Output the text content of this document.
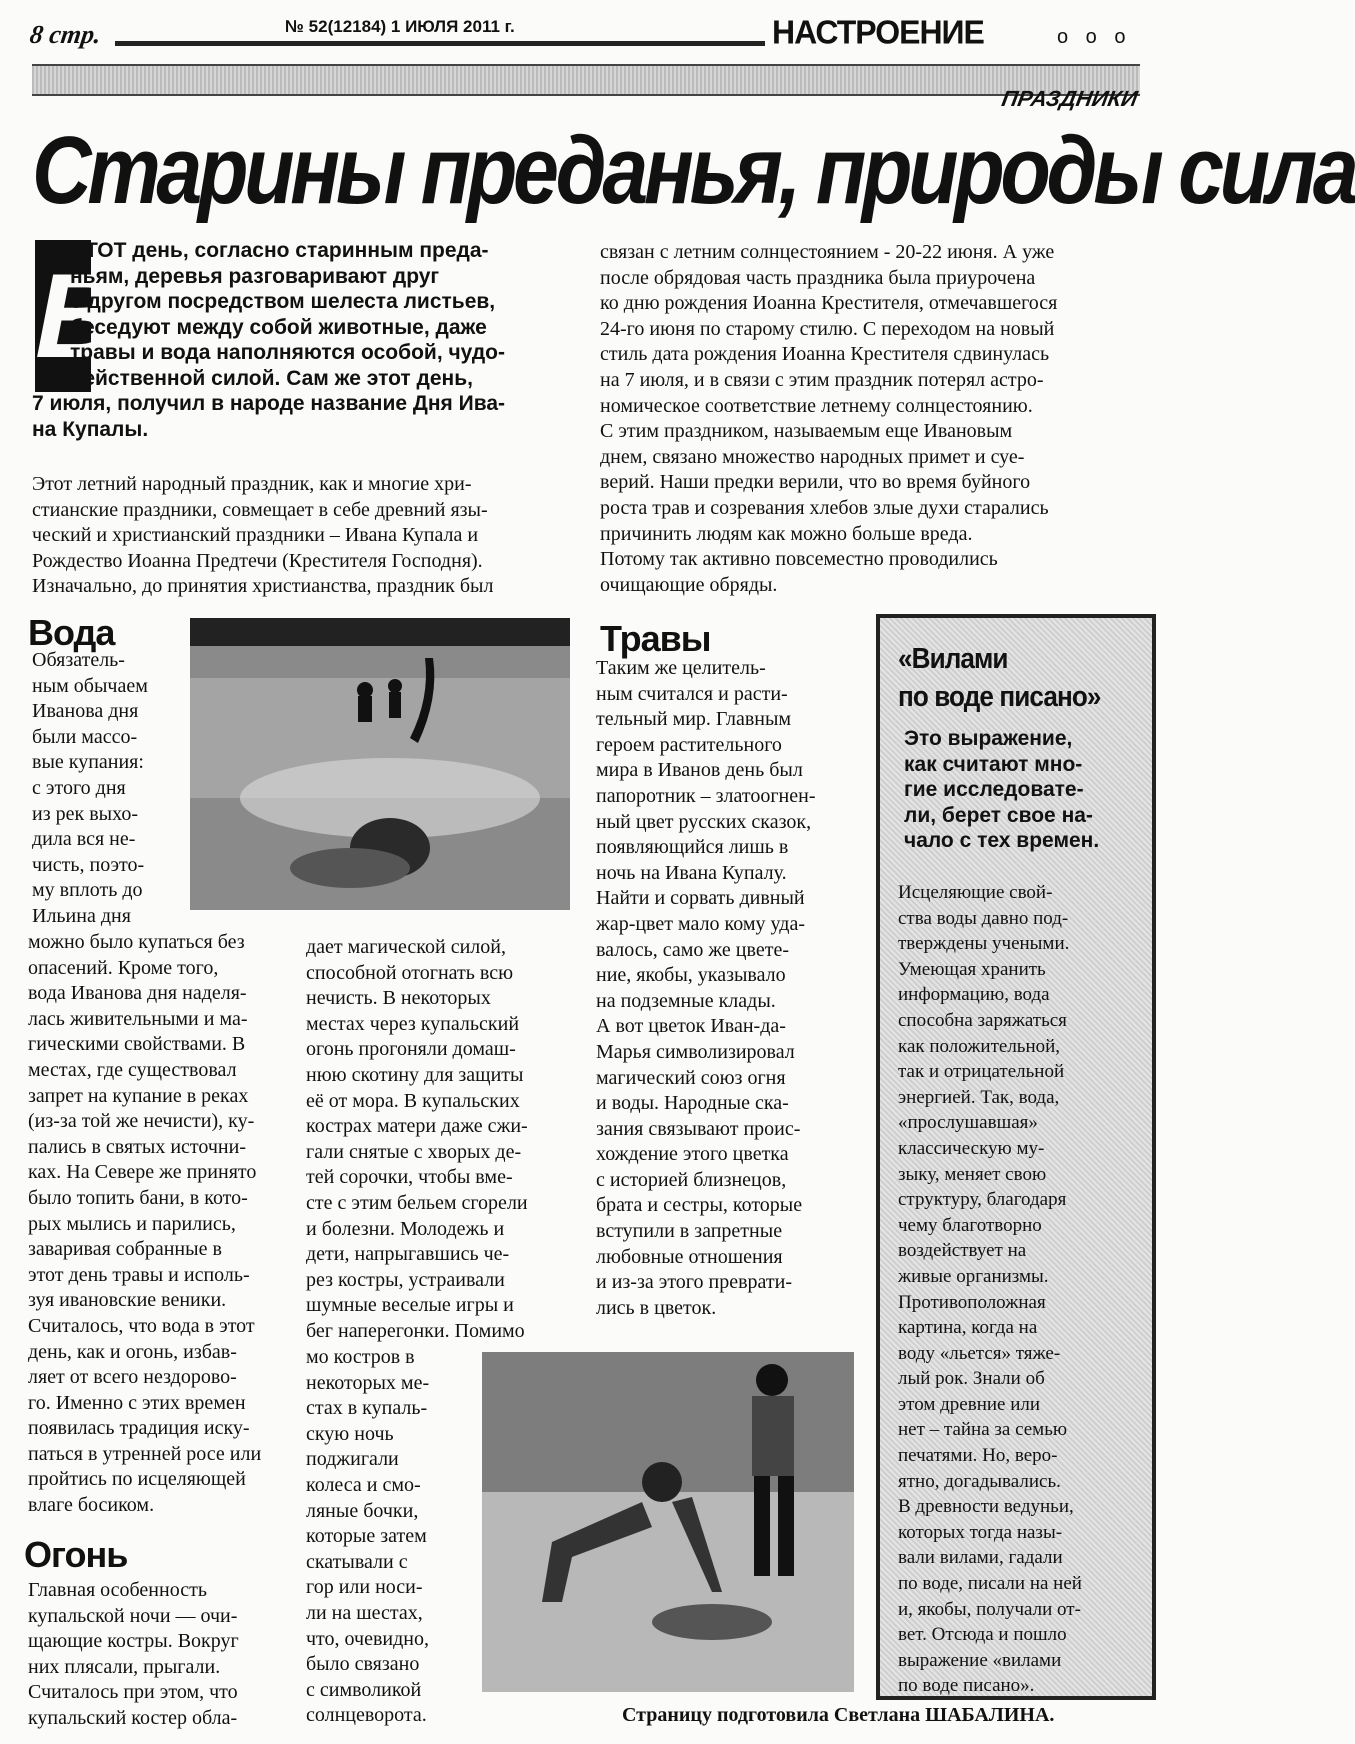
8 стр.	№ 52(12184) 1 ИЮЛЯ 2011 г.	НАСТРОЕНИЕ	ο ο ο
ПРАЗДНИКИ
Старины преданья, природы сила
В

ЭТОТ день, согласно старинным преда-

ньям, деревья разговаривают друг

с другом посредством шелеста листьев,

беседуют между собой животные, даже

травы и вода наполняются особой, чудо-

действенной силой. Сам же этот день,

7 июля, получил в народе название Дня Ива-

на Купалы.

Этот летний народный праздник, как и многие хри-

стианские праздники, совмещает в себе древний язы-

ческий и христианский праздники – Ивана Купала и

Рождество Иоанна Предтечи (Крестителя Господня).

Изначально, до принятия христианства, праздник был

связан с летним солнцестоянием - 20-22 июня. А уже

после обрядовая часть праздника была приурочена

ко дню рождения Иоанна Крестителя, отмечавшегося

24-го июня по старому стилю. С переходом на новый

стиль дата рождения Иоанна Крестителя сдвинулась

на 7 июля, и в связи с этим праздник потерял астро-

номическое соответствие летнему солнцестоянию.

С этим праздником, называемым еще Ивановым

днем, связано множество народных примет и суе-

верий. Наши предки верили, что во время буйного

роста трав и созревания хлебов злые духи старались

причинить людям как можно больше вреда.

Потому так активно повсеместно проводились

очищающие обряды.

Вода

Обязатель-

ным обычаем

Иванова дня

были массо-

вые купания:

с этого дня

из рек выхо-

дила вся не-

чисть, поэто-

му вплоть до

Ильина дня

можно было купаться без

опасений. Кроме того,

вода Иванова дня наделя-

лась живительными и ма-

гическими свойствами. В

местах, где существовал

запрет на купание в реках

(из-за той же нечисти), ку-

пались в святых источни-

ках. На Севере же принято

было топить бани, в кото-

рых мылись и парились,

заваривая собранные в

этот день травы и исполь-

зуя ивановские веники.

Считалось, что вода в этот

день, как и огонь, избав-

ляет от всего нездорово-

го. Именно с этих времен

появилась традиция иску-

паться в утренней росе или

пройтись по исцеляющей

влаге босиком.

Огонь

Главная особенность

купальской ночи — очи-

щающие костры. Вокруг

них плясали, прыгали.

Считалось при этом, что

купальский костер обла-

дает магической силой,

способной отогнать всю

нечисть. В некоторых

местах через купальский

огонь прогоняли домаш-

нюю скотину для защиты

её от мора. В купальских

кострах матери даже сжи-

гали снятые с хворых де-

тей сорочки, чтобы вме-

сте с этим бельем сгорели

и болезни. Молодежь и

дети, напрыгавшись че-

рез костры, устраивали

шумные веселые игры и

бег наперегонки. Помимо

мо костров в

некоторых ме-

стах в купаль-

скую ночь

поджигали

колеса и смо-

ляные бочки,

которые затем

скатывали с

гор или носи-

ли на шестах,

что, очевидно,

было связано

с символикой

солнцеворота.

Травы

Таким же целитель-

ным считался и расти-

тельный мир. Главным

героем растительного

мира в Иванов день был

папоротник – златоогнен-

ный цвет русских сказок,

появляющийся лишь в

ночь на Ивана Купалу.

Найти и сорвать дивный

жар-цвет мало кому уда-

валось, само же цвете-

ние, якобы, указывало

на подземные клады.

А вот цветок Иван-да-

Марья символизировал

магический союз огня

и воды. Народные ска-

зания связывают проис-

хождение этого цветка

с историей близнецов,

брата и сестры, которые

вступили в запретные

любовные отношения

и из-за этого преврати-

лись в цветок.

«Вилами
по воде писано»

Это выражение,

как считают мно-

гие исследовате-

ли, берет свое на-

чало с тех времен.

Исцеляющие свой-

ства воды давно под-

тверждены учеными.

Умеющая хранить

информацию, вода

способна заряжаться

как положительной,

так и отрицательной

энергией. Так, вода,

«прослушавшая»

классическую му-

зыку, меняет свою

структуру, благодаря

чему благотворно

воздействует на

живые организмы.

Противоположная

картина, когда на

воду «льется» тяже-

лый рок. Знали об

этом древние или

нет – тайна за семью

печатями. Но, веро-

ятно, догадывались.

В древности ведуньи,

которых тогда назы-

вали вилами, гадали

по воде, писали на ней

и, якобы, получали от-

вет. Отсюда и пошло

выражение «вилами

по воде писано».

Страницу подготовила Светлана ШАБАЛИНА.
